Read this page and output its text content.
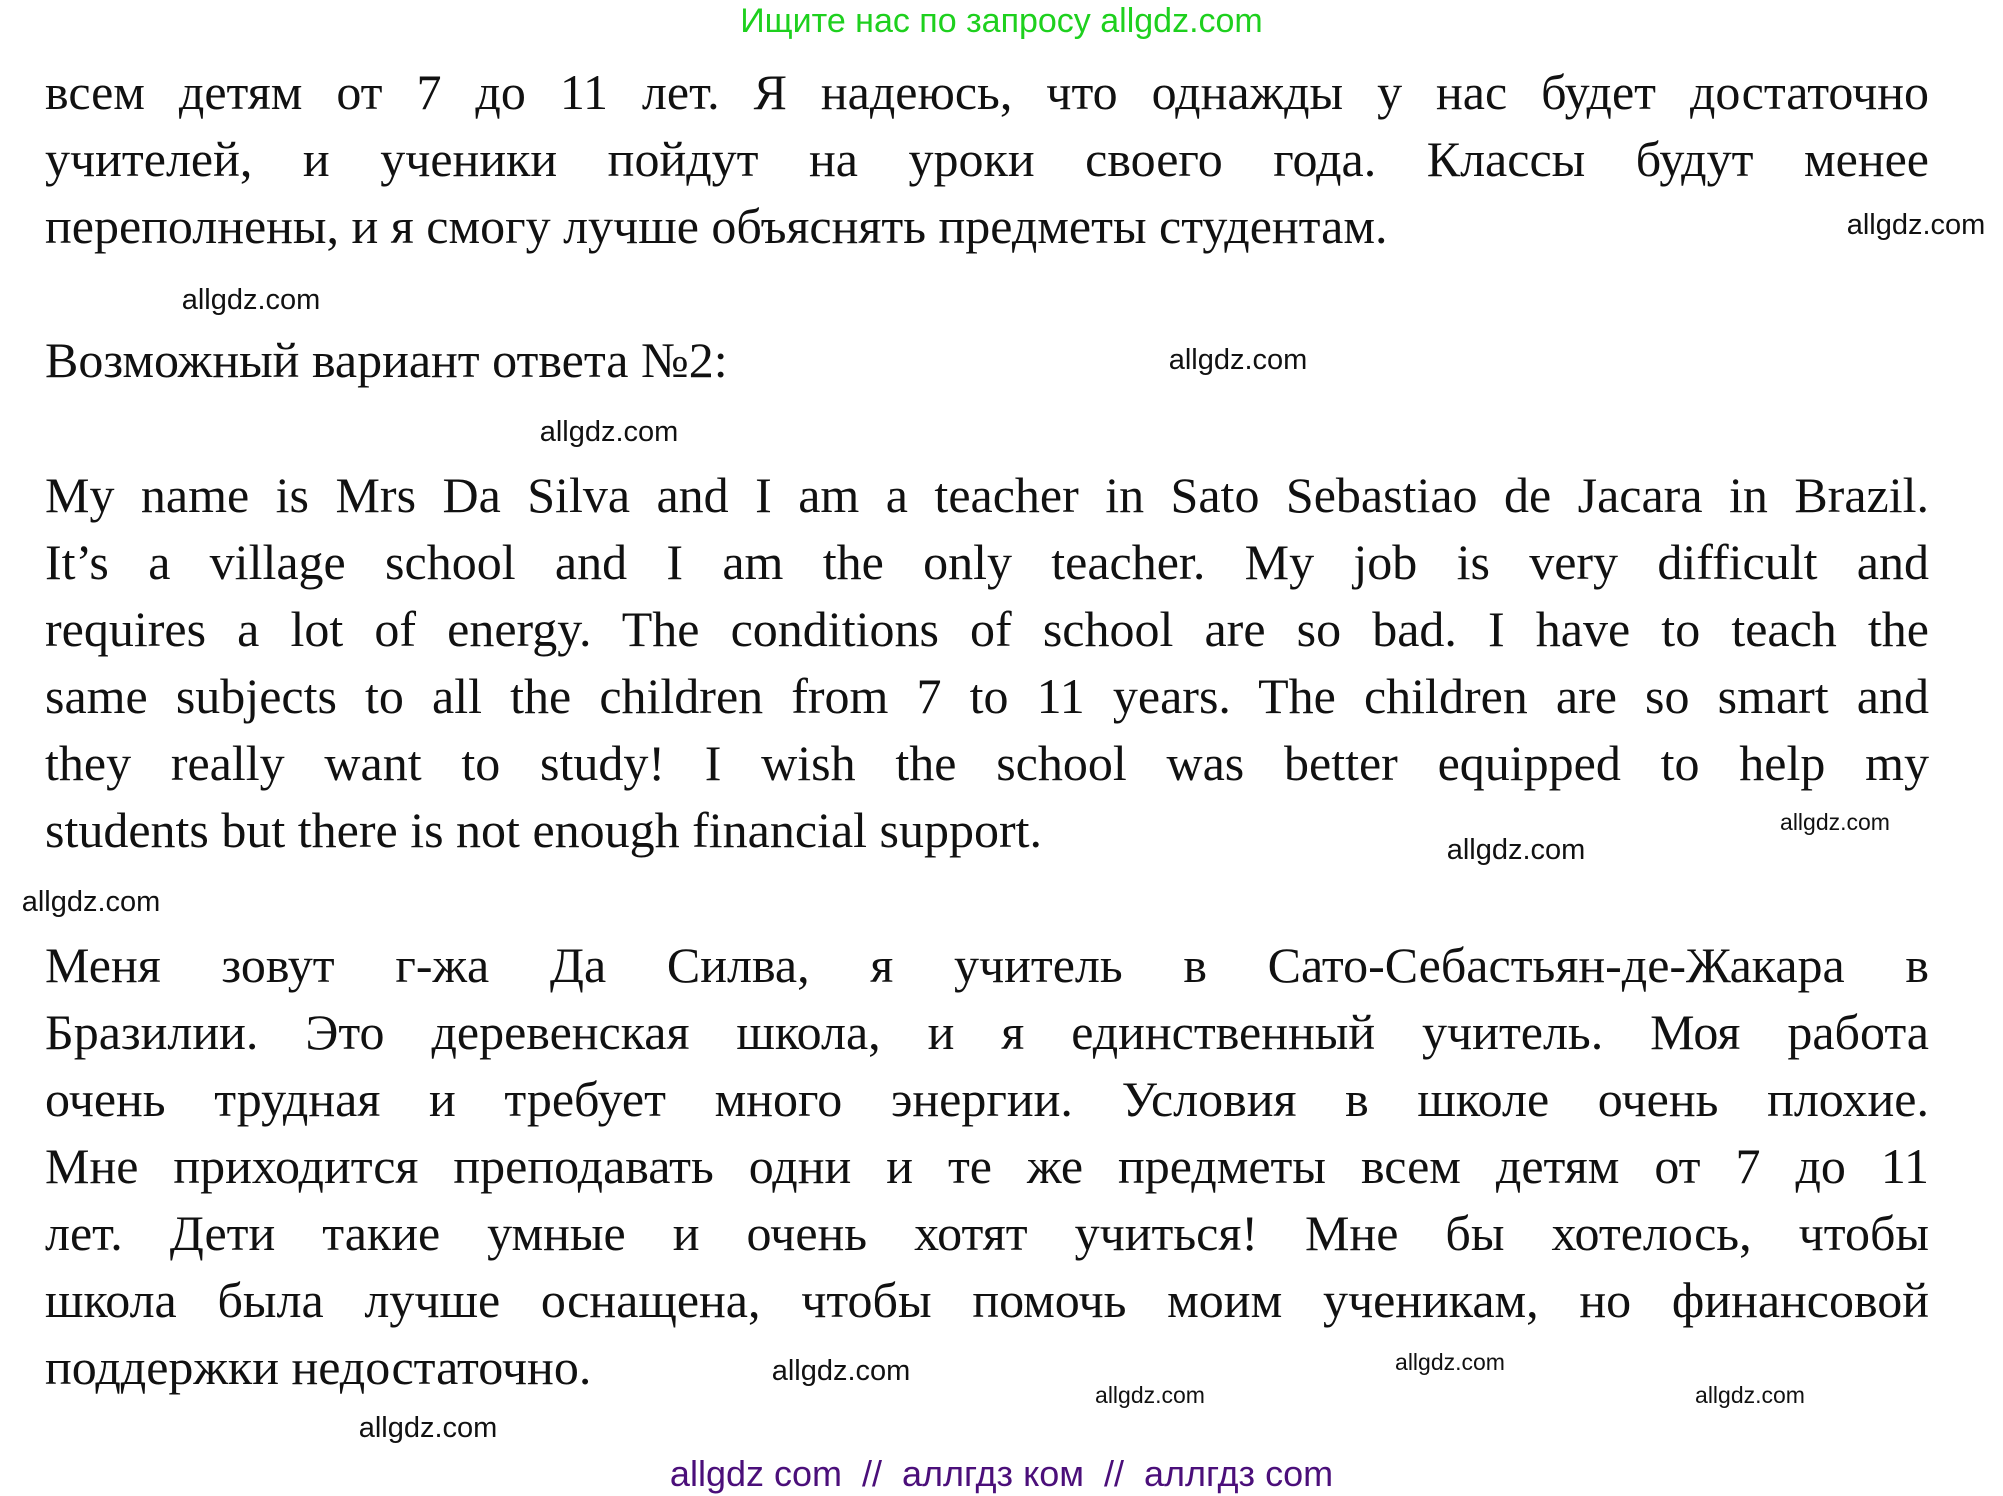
Ищите нас по запросу allgdz.com
всем детям от 7 до 11 лет. Я надеюсь, что однажды у нас будет достаточно
учителей, и ученики пойдут на уроки своего года. Классы будут менее
переполнены, и я смогу лучше объяснять предметы студентам.
Возможный вариант ответа №2:
My name is Mrs Da Silva and I am a teacher in Sato Sebastiao de Jacara in Brazil.
It’s a village school and I am the only teacher. My job is very difficult and
requires a lot of energy. The conditions of school are so bad. I have to teach the
same subjects to all the children from 7 to 11 years. The children are so smart and
they really want to study! I wish the school was better equipped to help my
students but there is not enough financial support.
Меня зовут г-жа Да Силва, я учитель в Сато-Себастьян-де-Жакара в
Бразилии. Это деревенская школа, и я единственный учитель. Моя работа
очень трудная и требует много энергии. Условия в школе очень плохие.
Мне приходится преподавать одни и те же предметы всем детям от 7 до 11
лет. Дети такие умные и очень хотят учиться! Мне бы хотелось, чтобы
школа была лучше оснащена, чтобы помочь моим ученикам, но финансовой
поддержки недостаточно.
allgdz.com
allgdz.com
allgdz.com
allgdz.com
allgdz.com
allgdz.com
allgdz.com
allgdz.com	allgdz.com
allgdz.com
allgdz.com
allgdz.com
allgdz com  //  аллгдз ком  //  аллгдз com
